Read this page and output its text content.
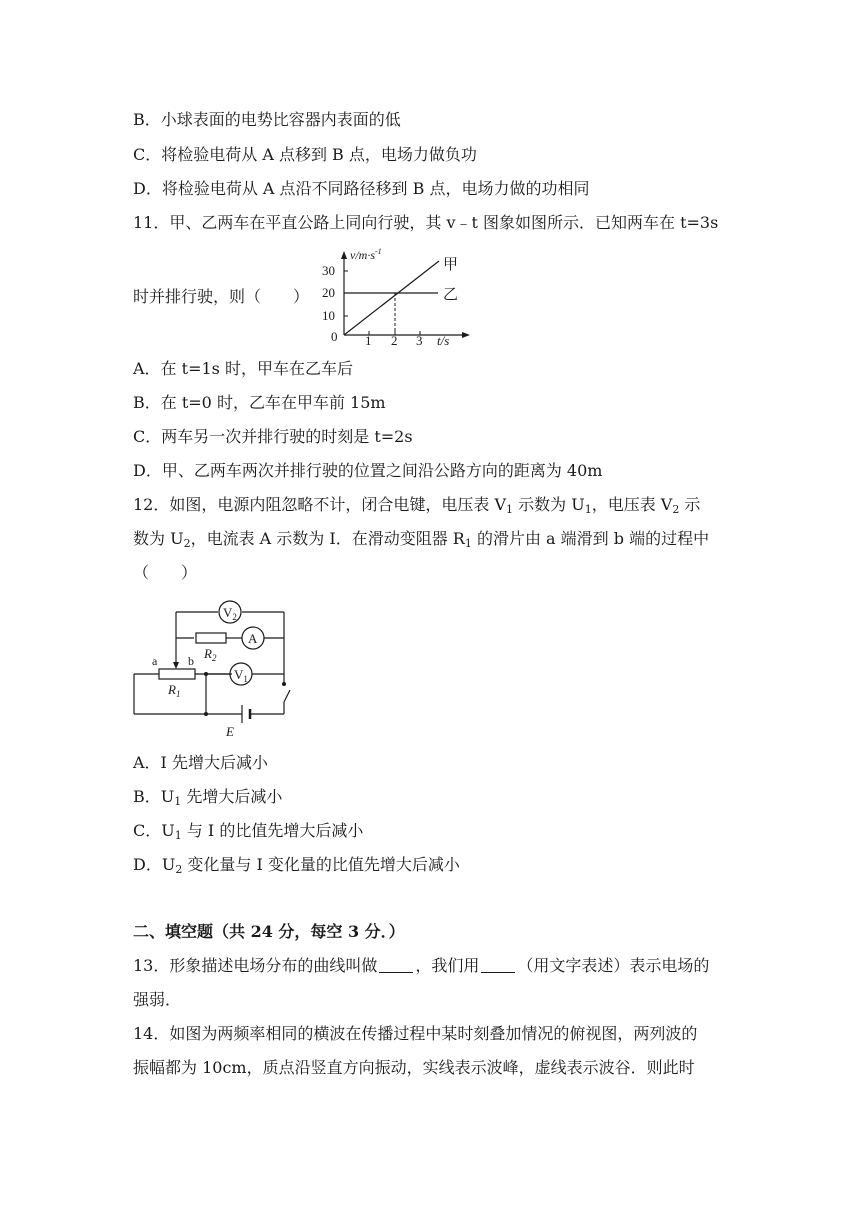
B．小球表面的电势比容器内表面的低
C．将检验电荷从 A 点移到 B 点，电场力做负功
D．将检验电荷从 A 点沿不同路径移到 B 点，电场力做的功相同
11．甲、乙两车在平直公路上同向行驶，其 v﹣t 图象如图所示．已知两车在 t=3s
时并排行驶，则（　　）
$v/m\cdot s^{-1}$
10
20
30
0 1 2 3 t/s
甲
乙
A．在 t=1s 时，甲车在乙车后
B．在 t=0 时，乙车在甲车前 15m
C．两车另一次并排行驶的时刻是 t=2s
D．甲、乙两车两次并排行驶的位置之间沿公路方向的距离为 40m
12．如图，电源内阻忽略不计，闭合电键，电压表 $V_1$ 示数为 $U_1$，电压表 $V_2$ 示
数为 $U_2$，电流表 A 示数为 I．在滑动变阻器 $R_1$ 的滑片由 a 端滑到 b 端的过程中
（　　）
$V_2$
A
$R_2$
a	b
$V_1$
$R_1$
E
A．I 先增大后减小
B．$U_1$ 先增大后减小
C．$U_1$ 与 I 的比值先增大后减小
D．$U_2$ 变化量与 I 变化量的比值先增大后减小
二、填空题（共 24 分，每空 3 分．）
13．形象描述电场分布的曲线叫做 ，我们用 （用文字表述）表示电场的
强弱．
14．如图为两频率相同的横波在传播过程中某时刻叠加情况的俯视图，两列波的
振幅都为 10cm，质点沿竖直方向振动，实线表示波峰，虚线表示波谷．则此时
